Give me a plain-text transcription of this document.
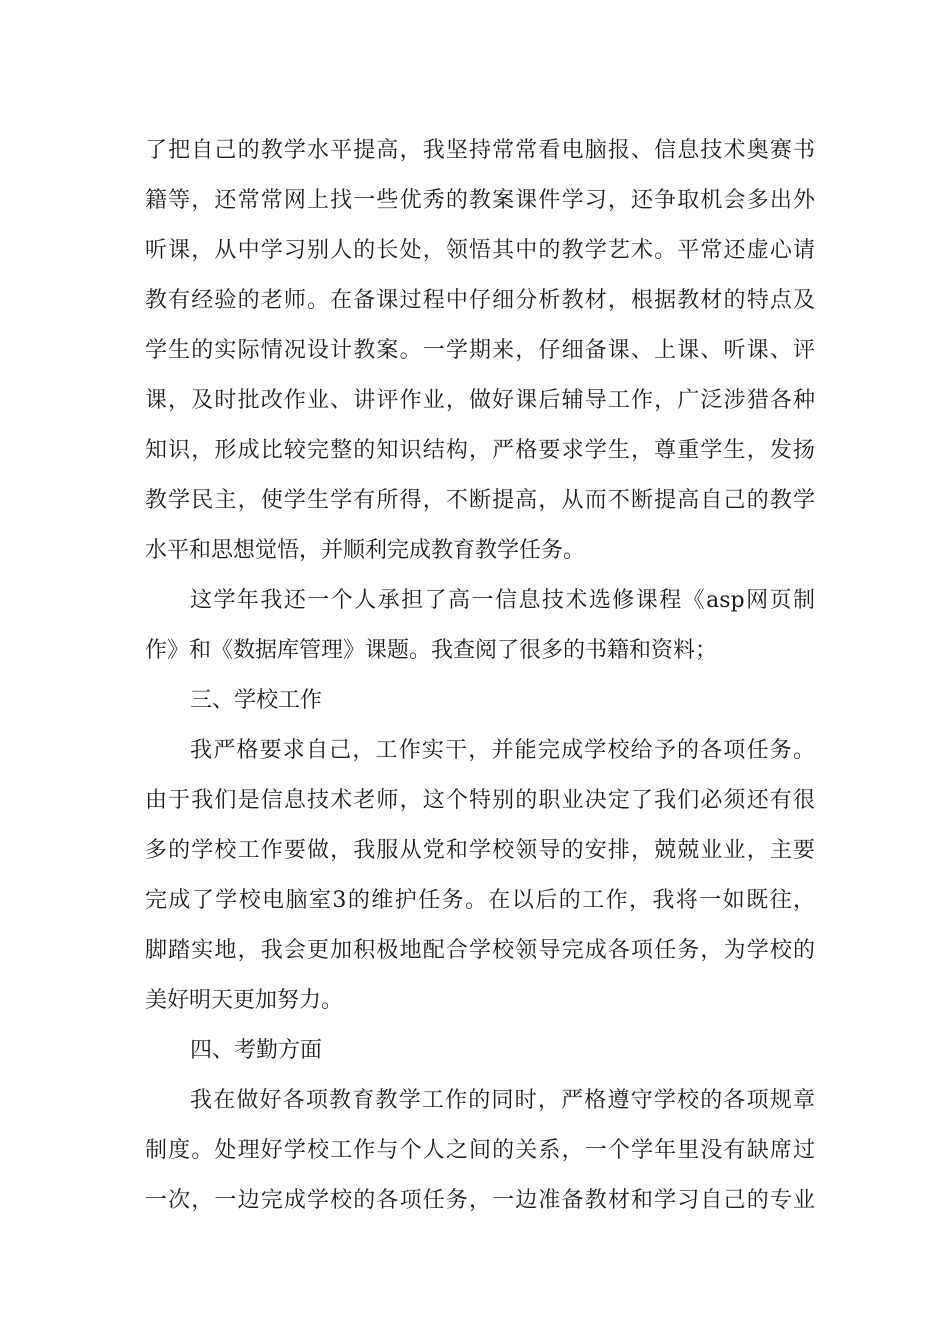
了把自己的教学水平提高，我坚持常常看电脑报、信息技术奥赛书
籍等，还常常网上找一些优秀的教案课件学习，还争取机会多出外
听课，从中学习别人的长处，领悟其中的教学艺术。平常还虚心请
教有经验的老师。在备课过程中仔细分析教材，根据教材的特点及
学生的实际情况设计教案。一学期来，仔细备课、上课、听课、评
课，及时批改作业、讲评作业，做好课后辅导工作，广泛涉猎各种
知识，形成比较完整的知识结构，严格要求学生，尊重学生，发扬
教学民主，使学生学有所得，不断提高，从而不断提高自己的教学
水平和思想觉悟，并顺利完成教育教学任务。
这学年我还一个人承担了高一信息技术选修课程《asp网页制
作》和《数据库管理》课题。我查阅了很多的书籍和资料；
三、学校工作
我严格要求自己，工作实干，并能完成学校给予的各项任务。
由于我们是信息技术老师，这个特别的职业决定了我们必须还有很
多的学校工作要做，我服从党和学校领导的安排，兢兢业业，主要
完成了学校电脑室3的维护任务。在以后的工作，我将一如既往，
脚踏实地，我会更加积极地配合学校领导完成各项任务，为学校的
美好明天更加努力。
四、考勤方面
我在做好各项教育教学工作的同时，严格遵守学校的各项规章
制度。处理好学校工作与个人之间的关系，一个学年里没有缺席过
一次，一边完成学校的各项任务，一边准备教材和学习自己的专业
